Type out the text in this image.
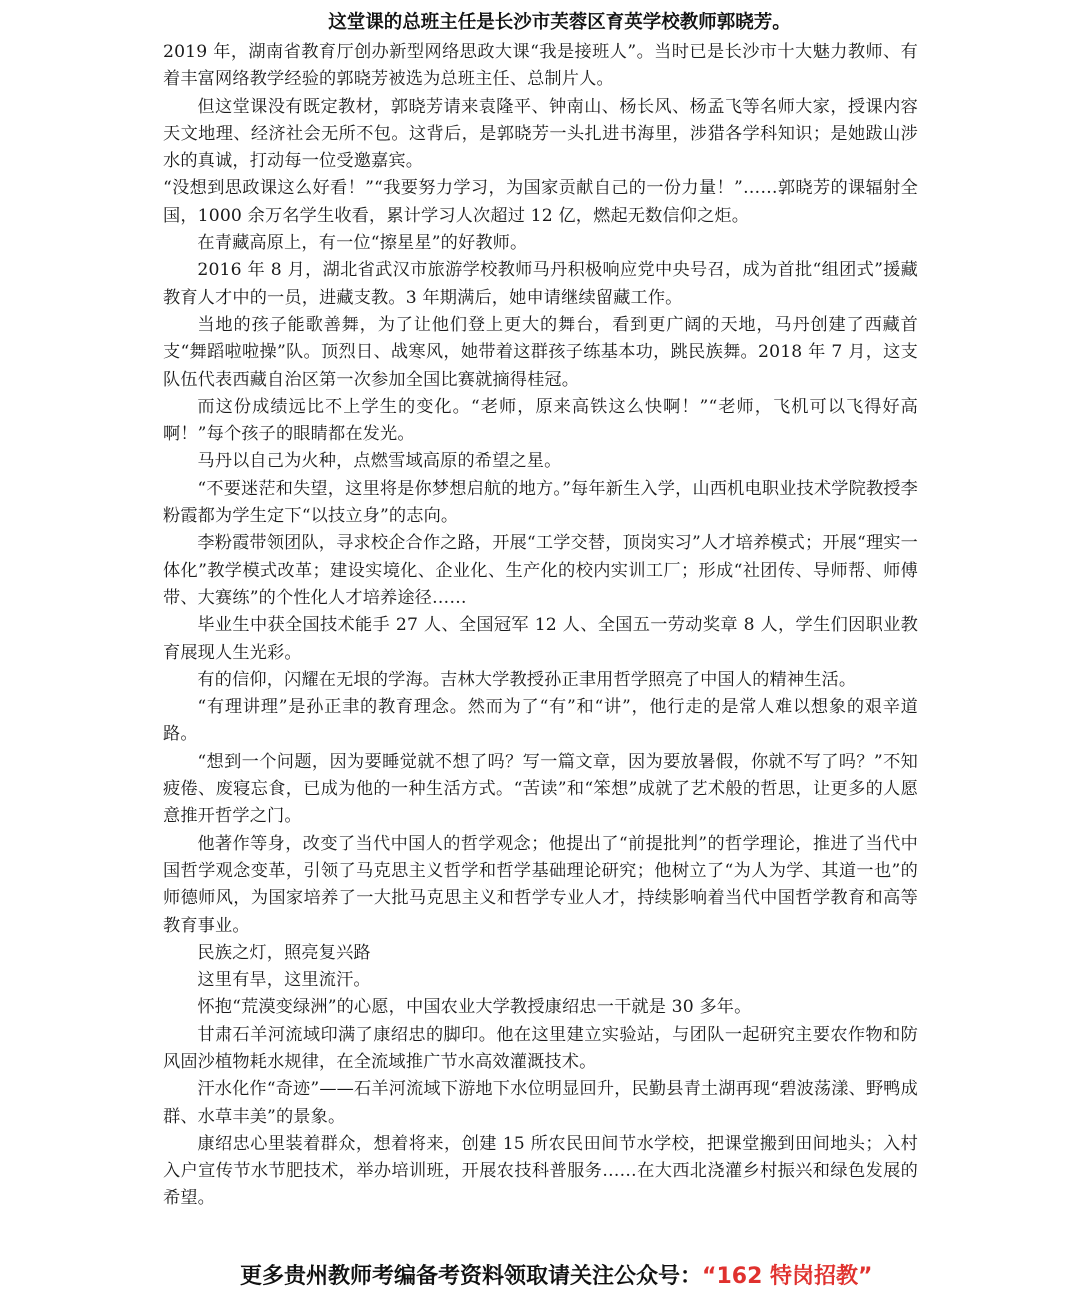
这堂课的总班主任是长沙市芙蓉区育英学校教师郭晓芳。

2019 年，湖南省教育厅创办新型网络思政大课“我是接班人”。当时已是长沙市十大魅力教师、有着丰富网络教学经验的郭晓芳被选为总班主任、总制片人。

但这堂课没有既定教材，郭晓芳请来袁隆平、钟南山、杨长风、杨孟飞等名师大家，授课内容天文地理、经济社会无所不包。这背后，是郭晓芳一头扎进书海里，涉猎各学科知识；是她跋山涉水的真诚，打动每一位受邀嘉宾。

“没想到思政课这么好看！”“我要努力学习，为国家贡献自己的一份力量！”……郭晓芳的课辐射全国，1000 余万名学生收看，累计学习人次超过 12 亿，燃起无数信仰之炬。

在青藏高原上，有一位“擦星星”的好教师。

2016 年 8 月，湖北省武汉市旅游学校教师马丹积极响应党中央号召，成为首批“组团式”援藏教育人才中的一员，进藏支教。3 年期满后，她申请继续留藏工作。

当地的孩子能歌善舞，为了让他们登上更大的舞台，看到更广阔的天地，马丹创建了西藏首支“舞蹈啦啦操”队。顶烈日、战寒风，她带着这群孩子练基本功，跳民族舞。2018 年 7 月，这支队伍代表西藏自治区第一次参加全国比赛就摘得桂冠。

而这份成绩远比不上学生的变化。“老师，原来高铁这么快啊！”“老师，飞机可以飞得好高啊！”每个孩子的眼睛都在发光。

马丹以自己为火种，点燃雪域高原的希望之星。

“不要迷茫和失望，这里将是你梦想启航的地方。”每年新生入学，山西机电职业技术学院教授李粉霞都为学生定下“以技立身”的志向。

李粉霞带领团队，寻求校企合作之路，开展“工学交替，顶岗实习”人才培养模式；开展“理实一体化”教学模式改革；建设实境化、企业化、生产化的校内实训工厂；形成“社团传、导师帮、师傅带、大赛练”的个性化人才培养途径……

毕业生中获全国技术能手 27 人、全国冠军 12 人、全国五一劳动奖章 8 人，学生们因职业教育展现人生光彩。

有的信仰，闪耀在无垠的学海。吉林大学教授孙正聿用哲学照亮了中国人的精神生活。

“有理讲理”是孙正聿的教育理念。然而为了“有”和“讲”，他行走的是常人难以想象的艰辛道路。

“想到一个问题，因为要睡觉就不想了吗？写一篇文章，因为要放暑假，你就不写了吗？”不知疲倦、废寝忘食，已成为他的一种生活方式。“苦读”和“笨想”成就了艺术般的哲思，让更多的人愿意推开哲学之门。

他著作等身，改变了当代中国人的哲学观念；他提出了“前提批判”的哲学理论，推进了当代中国哲学观念变革，引领了马克思主义哲学和哲学基础理论研究；他树立了“为人为学、其道一也”的师德师风，为国家培养了一大批马克思主义和哲学专业人才，持续影响着当代中国哲学教育和高等教育事业。

民族之灯，照亮复兴路

这里有旱，这里流汗。

怀抱“荒漠变绿洲”的心愿，中国农业大学教授康绍忠一干就是 30 多年。

甘肃石羊河流域印满了康绍忠的脚印。他在这里建立实验站，与团队一起研究主要农作物和防风固沙植物耗水规律，在全流域推广节水高效灌溉技术。

汗水化作“奇迹”——石羊河流域下游地下水位明显回升，民勤县青土湖再现“碧波荡漾、野鸭成群、水草丰美”的景象。

康绍忠心里装着群众，想着将来，创建 15 所农民田间节水学校，把课堂搬到田间地头；入村入户宣传节水节肥技术，举办培训班，开展农技科普服务……在大西北浇灌乡村振兴和绿色发展的希望。

更多贵州教师考编备考资料领取请关注公众号：“162 特岗招教”
